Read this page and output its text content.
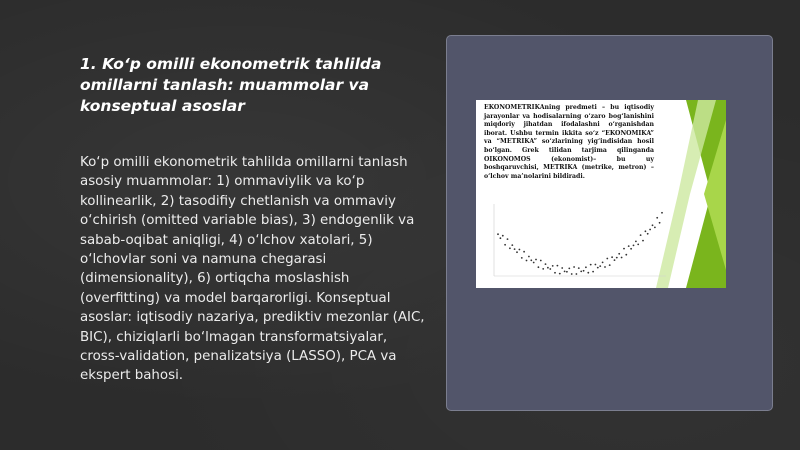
1. Ko‘p omilli ekonometrik tahlilda omillarni tanlash: muammolar va konseptual asoslar
Ko‘p omilli ekonometrik tahlilda omillarni tanlash asosiy muammolar: 1) ommaviylik va ko‘p kollinearlik, 2) tasodifiy chetlanish va ommaviy o‘chirish (omitted variable bias), 3) endogenlik va sabab-oqibat aniqligi, 4) o‘lchov xatolari, 5) o‘lchovlar soni va namuna chegarasi (dimensionality), 6) ortiqcha moslashish (overfitting) va model barqarorligi. Konseptual asoslar: iqtisodiy nazariya, prediktiv mezonlar (AIC, BIC), chiziqlarli bo‘lmagan transformatsiyalar, cross-validation, penalizatsiya (LASSO), PCA va ekspert bahosi.
EKONOMETRIKAning predmeti – bu iqtisodiy jarayonlar va hodisalarning o‘zaro bog‘lanishini miqdoriy jihatdan ifodalashni o‘rganishdan iborat. Ushbu termin ikkita so‘z “EKONOMIKA” va “METRIKA” so‘zlarining yig‘indisidan hosil bo‘lgan. Grek tilidan tarjima qilinganda OIKONOMOS (ekonomist)– bu uy boshqaruvchisi, METRIKA (metrike, metron) – o‘lchov ma’nolarini bildiradi.
